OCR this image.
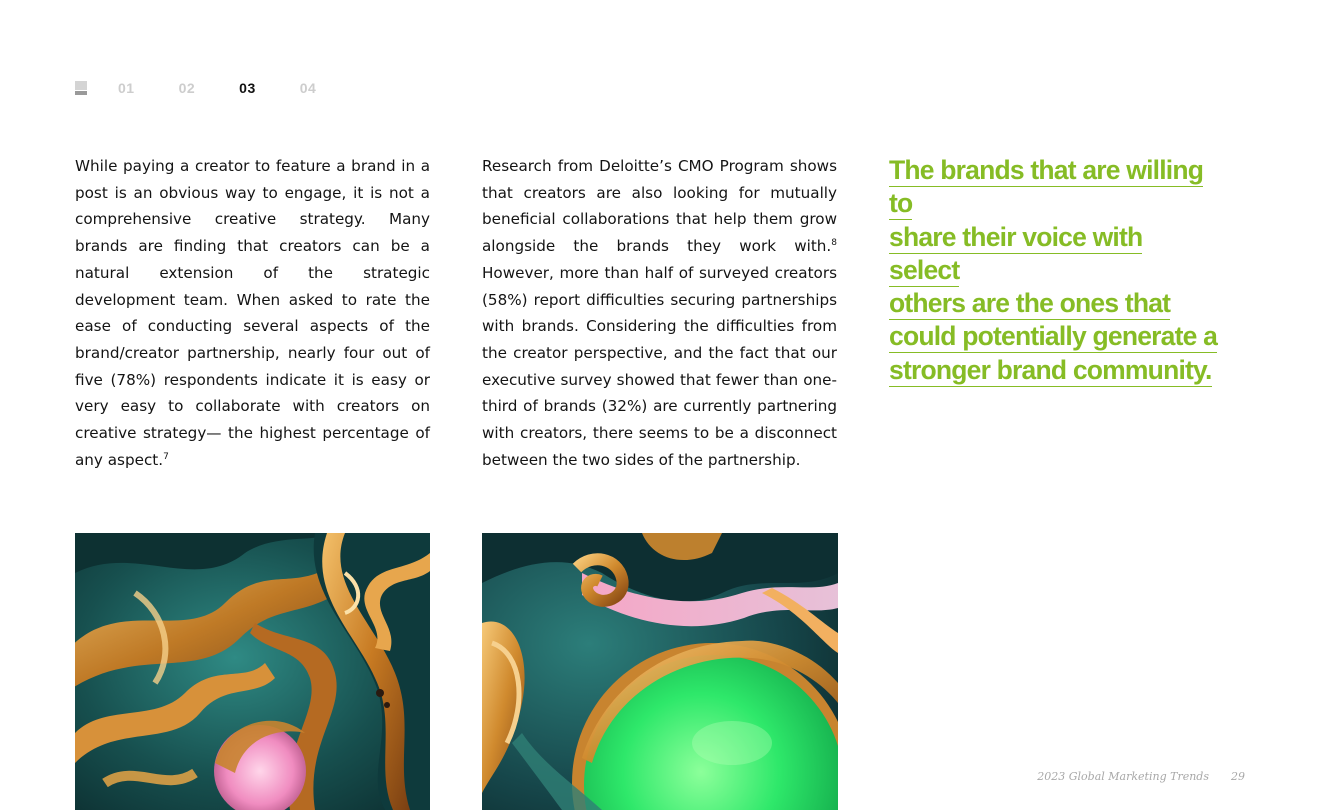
01	02	03	04

While paying a creator to feature a brand in a post is an obvious way to engage, it is not a comprehensive creative strategy. Many brands are finding that creators can be a natural extension of the strategic development team. When asked to rate the ease of conducting several aspects of the brand/creator partnership, nearly four out of five (78%) respondents indicate it is easy or very easy to collaborate with creators on creative strategy— the highest percentage of any aspect.$^7$

Research from Deloitte’s CMO Program shows that creators are also looking for mutually beneficial collaborations that help them grow alongside the brands they work with.$^8$ However, more than half of surveyed creators (58%) report difficulties securing partnerships with brands. Considering the difficulties from the creator perspective, and the fact that our executive survey showed that fewer than one-third of brands (32%) are currently partnering with creators, there seems to be a disconnect between the two sides of the partnership.

The brands that are willing to
share their voice with select
others are the ones that
could potentially generate a
stronger brand community.
2023 Global Marketing Trends 29
